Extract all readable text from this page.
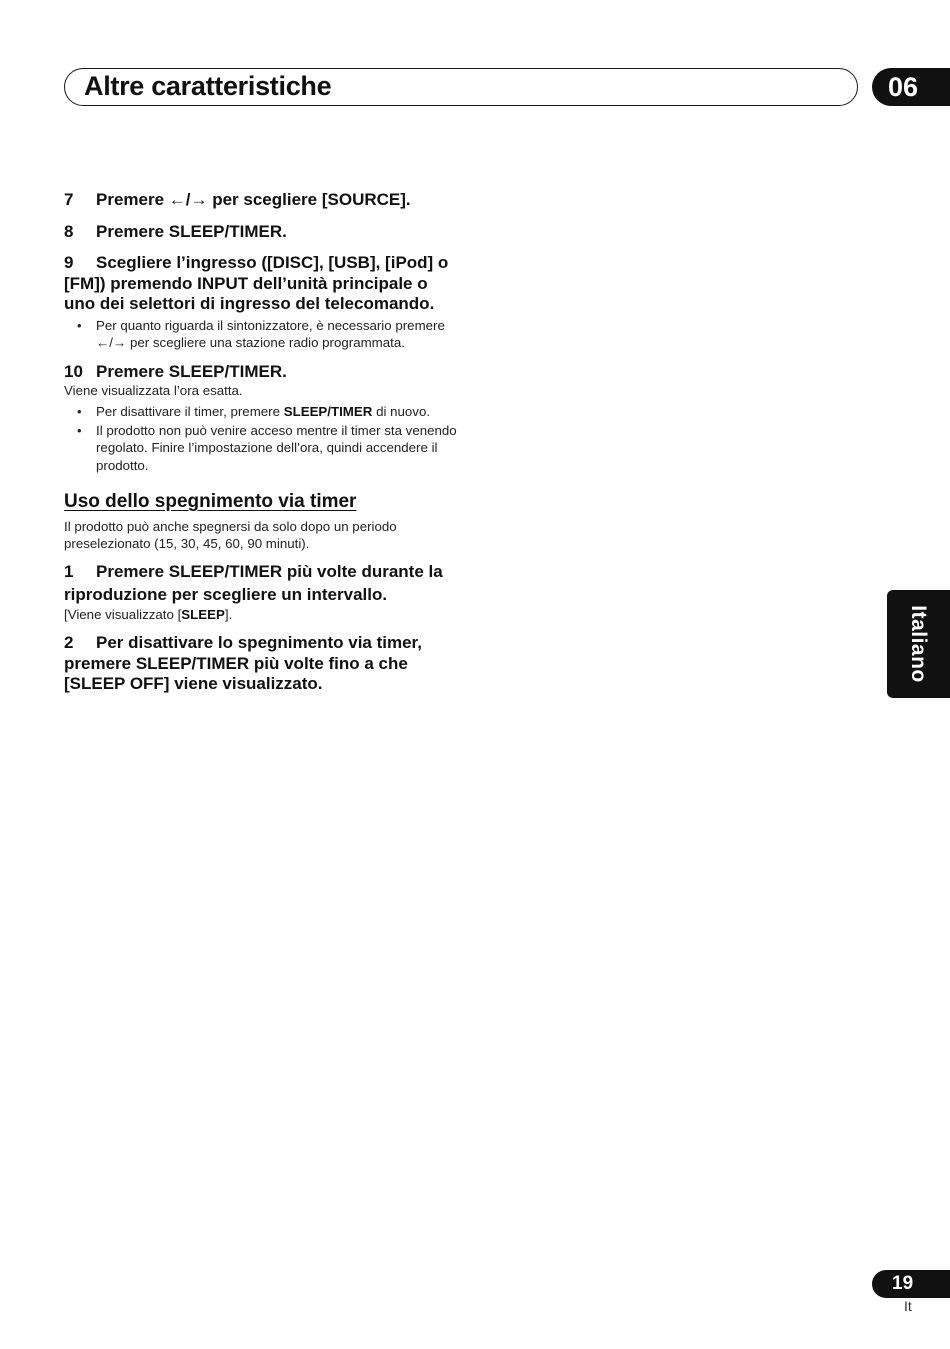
Altre caratteristiche	06
Italiano

7 Premere ←/→ per scegliere [SOURCE].

8 Premere SLEEP/TIMER.

9 Scegliere l’ingresso ([DISC], [USB], [iPod] o [FM]) premendo INPUT dell’unità principale o uno dei selettori di ingresso del telecomando.

• Per quanto riguarda il sintonizzatore, è necessario premere ←/→ per scegliere una stazione radio programmata.

10 Premere SLEEP/TIMER.

Viene visualizzata l’ora esatta.

• Per disattivare il timer, premere SLEEP/TIMER di nuovo.
• Il prodotto non può venire acceso mentre il timer sta venendo regolato. Finire l’impostazione dell’ora, quindi accendere il prodotto.
Uso dello spegnimento via timer

Il prodotto può anche spegnersi da solo dopo un periodo preselezionato (15, 30, 45, 60, 90 minuti).

1 Premere SLEEP/TIMER più volte durante la riproduzione per scegliere un intervallo.

[Viene visualizzato [SLEEP].

2 Per disattivare lo spegnimento via timer, premere SLEEP/TIMER più volte fino a che [SLEEP OFF] viene visualizzato.

19
It
